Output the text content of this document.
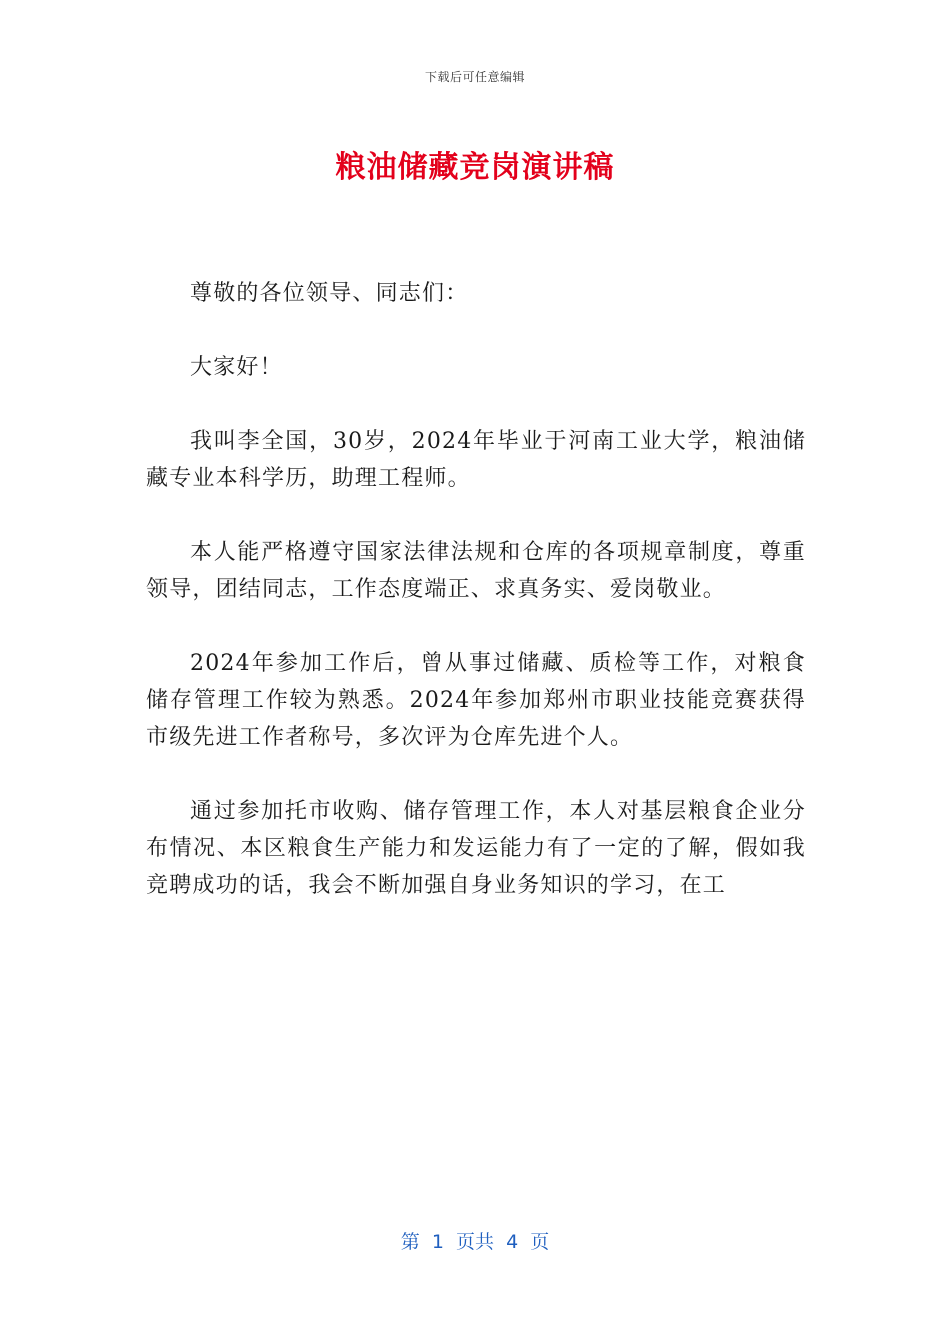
下载后可任意编辑
粮油储藏竞岗演讲稿

尊敬的各位领导、同志们：

大家好！

我叫李全国，30岁，2024年毕业于河南工业大学，粮油储藏专业本科学历，助理工程师。

本人能严格遵守国家法律法规和仓库的各项规章制度，尊重领导，团结同志，工作态度端正、求真务实、爱岗敬业。

2024年参加工作后，曾从事过储藏、质检等工作，对粮食储存管理工作较为熟悉。2024年参加郑州市职业技能竞赛获得市级先进工作者称号，多次评为仓库先进个人。

通过参加托市收购、储存管理工作，本人对基层粮食企业分布情况、本区粮食生产能力和发运能力有了一定的了解，假如我竞聘成功的话，我会不断加强自身业务知识的学习，在工

第  1  页共  4  页
